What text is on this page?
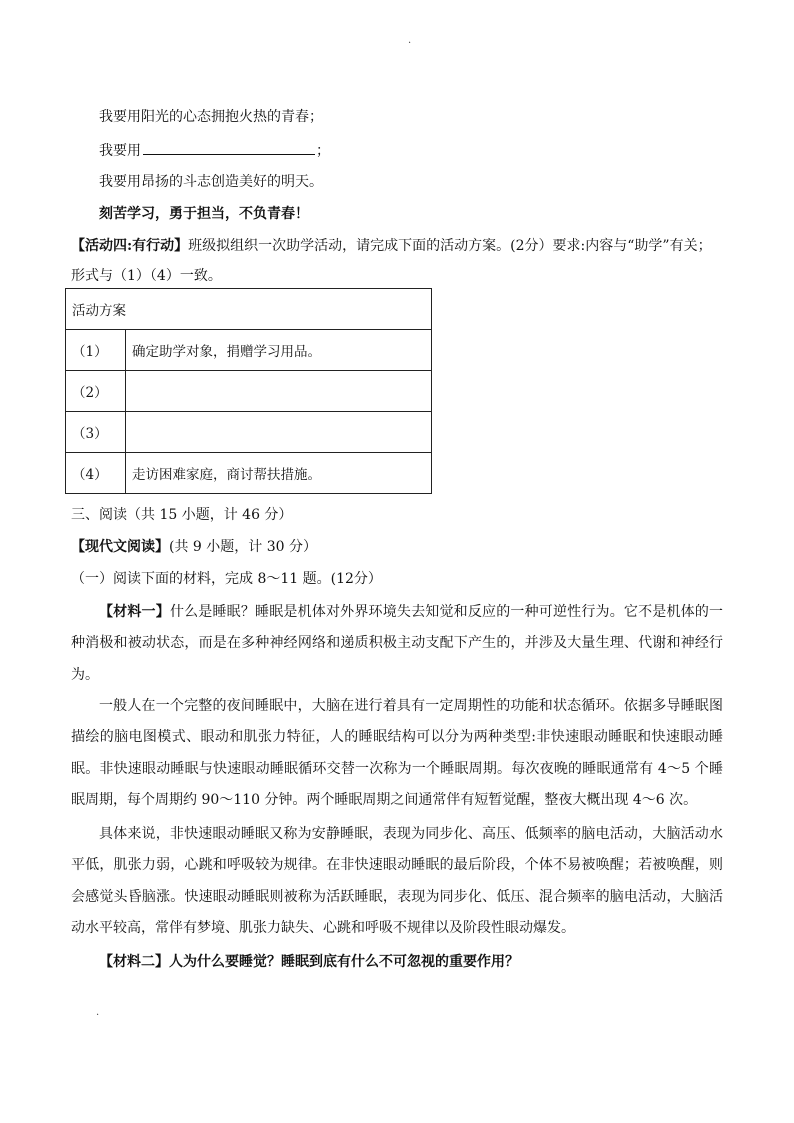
.
我要用阳光的心态拥抱火热的青春；
我要用	；
我要用昂扬的斗志创造美好的明天。
刻苦学习，勇于担当，不负青春！
【活动四:有行动】班级拟组织一次助学活动，请完成下面的活动方案。(2分）要求:内容与“助学”有关；
形式与（1）（4）一致。
活动方案	
（1）	确定助学对象，捐赠学习用品。
（2）	
（3）	
（4）	走访困难家庭，商讨帮扶措施。
三、阅读（共 15 小题，计 46 分）
【现代文阅读】(共 9 小题，计 30 分）
（一）阅读下面的材料，完成 8～11 题。(12分）
【材料一】什么是睡眠？睡眠是机体对外界环境失去知觉和反应的一种可逆性行为。它不是机体的一种消极和被动状态，而是在多种神经网络和递质积极主动支配下产生的，并涉及大量生理、代谢和神经行为。
一般人在一个完整的夜间睡眠中，大脑在进行着具有一定周期性的功能和状态循环。依据多导睡眠图描绘的脑电图模式、眼动和肌张力特征，人的睡眠结构可以分为两种类型:非快速眼动睡眠和快速眼动睡眠。非快速眼动睡眠与快速眼动睡眠循环交替一次称为一个睡眠周期。每次夜晚的睡眠通常有 4～5 个睡眠周期，每个周期约 90～110 分钟。两个睡眠周期之间通常伴有短暂觉醒，整夜大概出现 4～6 次。
具体来说，非快速眼动睡眠又称为安静睡眠，表现为同步化、高压、低频率的脑电活动，大脑活动水平低，肌张力弱，心跳和呼吸较为规律。在非快速眼动睡眠的最后阶段，个体不易被唤醒；若被唤醒，则会感觉头昏脑涨。快速眼动睡眠则被称为活跃睡眠，表现为同步化、低压、混合频率的脑电活动，大脑活动水平较高，常伴有梦境、肌张力缺失、心跳和呼吸不规律以及阶段性眼动爆发。
【材料二】人为什么要睡觉？睡眠到底有什么不可忽视的重要作用？
.
